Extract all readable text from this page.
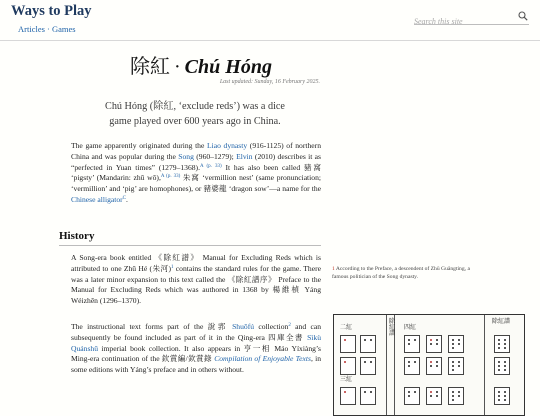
Ways to Play
Articles · Games
Search this site
除紅 · Chú Hóng
Last updated: Sunday, 16 February 2025.
Chú Hóng (除紅, ‘exclude reds’) was a dice game played over 600 years ago in China.
The game apparently originated during the Liao dynasty (916-1125) of northern China and was popular during the Song (960–1279); Elvin (2010) describes it as “perfected in Yuan times” (1279–1368).$^{A (p. 33)}$ It has also been called 豬窩 ‘pigsty’ (Mandarin: zhū wō),$^{A (p. 33)}$ 朱窩 ‘vermillion nest’ (same pronunciation; ‘vermillion’ and ‘pig’ are homophones), or 豬婆龍 ‘dragon sow’—a name for the Chinese alligator$^C$.
History
A Song-era book entitled 《除紅譜》 Manual for Excluding Reds which is attributed to one Zhū Hé (朱河)$^1$ contains the standard rules for the game. There was a later minor expansion to this text called the 《除紅譜序》 Preface to the Manual for Excluding Reds which was authored in 1368 by 楊維楨 Yáng Wéizhēn (1296–1370).
The instructional text forms part of the 說郛 Shuōfú collection$^2$ and can subsequently be found included as part of it in the Qing-era 四庫全書 Sìkù Quánshū imperial book collection. It also appears in 亨一相 Máo Yíxiàng’s Ming-era continuation of the 欽賞編/欽賞錄 Compilation of Enjoyable Texts, in some editions with Yáng’s preface and in others without.
1 According to the Preface, a descendent of Zhū Guāngting, a famous politician of the Song dynasty.
除紅譜
除紅譜
二紅	四紅
三紅
